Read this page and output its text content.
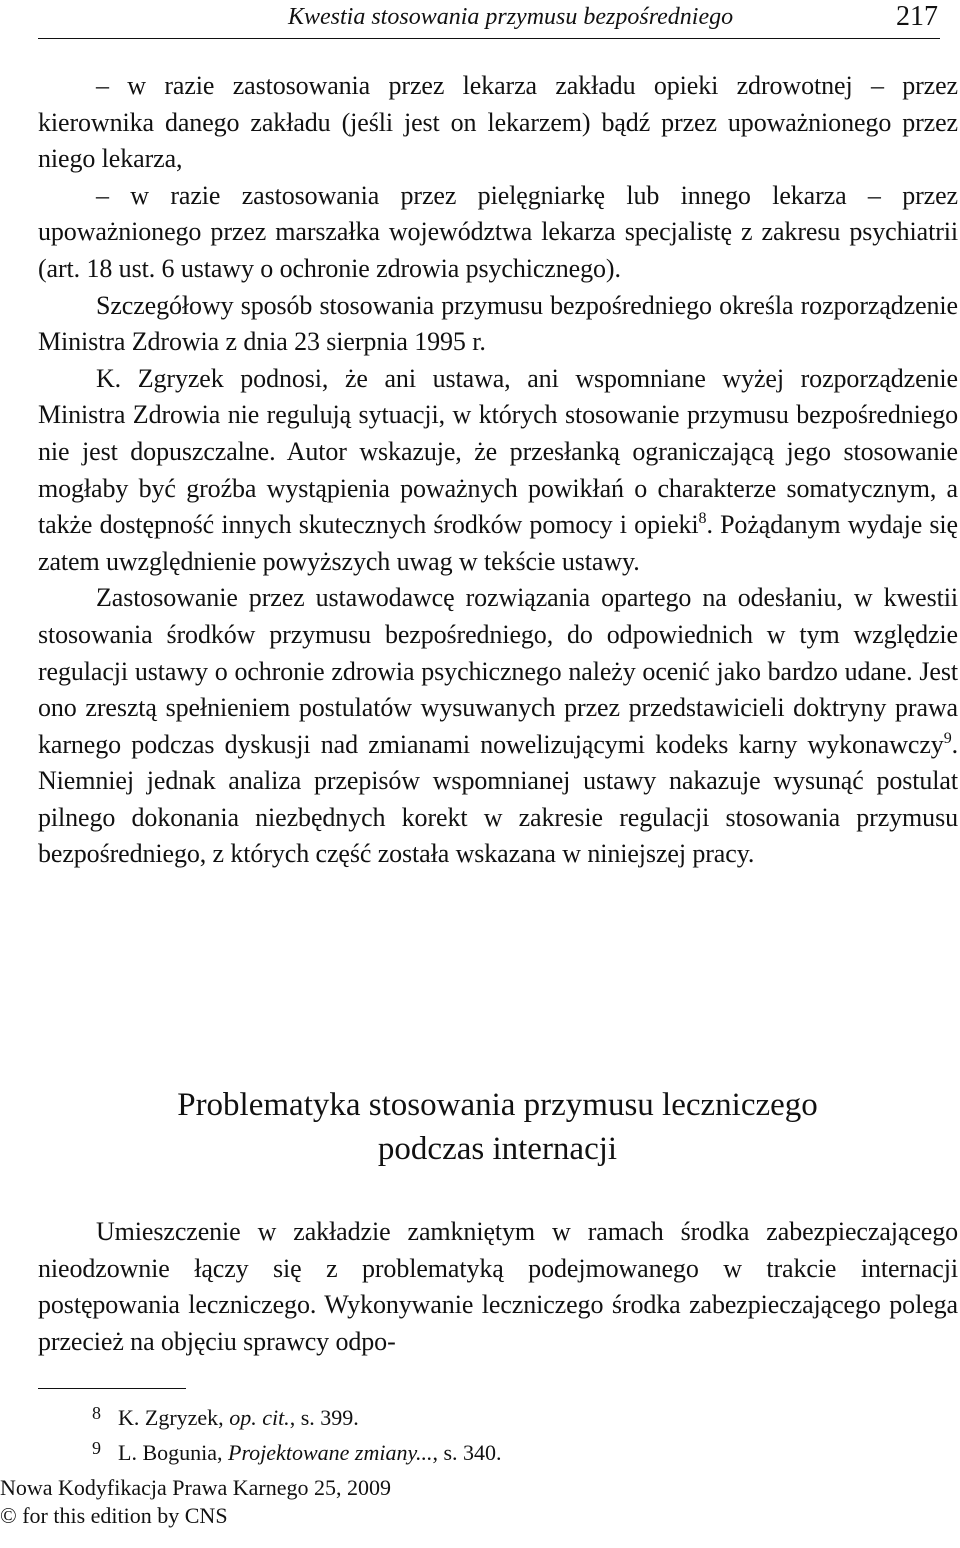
Kwestia stosowania przymusu bezpośredniego	217

– w razie zastosowania przez lekarza zakładu opieki zdrowotnej – przez kierownika danego zakładu (jeśli jest on lekarzem) bądź przez upoważnionego przez niego lekarza,

– w razie zastosowania przez pielęgniarkę lub innego lekarza – przez upoważnionego przez marszałka województwa lekarza specjalistę z zakresu psychiatrii (art. 18 ust. 6 ustawy o ochronie zdrowia psychicznego).

Szczegółowy sposób stosowania przymusu bezpośredniego określa rozporządzenie Ministra Zdrowia z dnia 23 sierpnia 1995 r.

K. Zgryzek podnosi, że ani ustawa, ani wspomniane wyżej rozporządzenie Ministra Zdrowia nie regulują sytuacji, w których stosowanie przymusu bezpośredniego nie jest dopuszczalne. Autor wskazuje, że przesłanką ograniczającą jego stosowanie mogłaby być groźba wystąpienia poważnych powikłań o charakterze somatycznym, a także dostępność innych skutecznych środków pomocy i opieki$^8$. Pożądanym wydaje się zatem uwzględnienie powyższych uwag w tekście ustawy.

Zastosowanie przez ustawodawcę rozwiązania opartego na odesłaniu, w kwestii stosowania środków przymusu bezpośredniego, do odpowiednich w tym względzie regulacji ustawy o ochronie zdrowia psychicznego należy ocenić jako bardzo udane. Jest ono zresztą spełnieniem postulatów wysuwanych przez przedstawicieli doktryny prawa karnego podczas dyskusji nad zmianami nowelizującymi kodeks karny wykonawczy$^9$. Niemniej jednak analiza przepisów wspomnianej ustawy nakazuje wysunąć postulat pilnego dokonania niezbędnych korekt w zakresie regulacji stosowania przymusu bezpośredniego, z których część została wskazana w niniejszej pracy.

Problematyka stosowania przymusu leczniczego
podczas internacji

Umieszczenie w zakładzie zamkniętym w ramach środka zabezpieczającego nieodzownie łączy się z problematyką podejmowanego w trakcie internacji postępowania leczniczego. Wykonywanie leczniczego środka zabezpieczającego polega przecież na objęciu sprawcy odpo-

8 K. Zgryzek, op. cit., s. 399.
9 L. Bogunia, Projektowane zmiany..., s. 340.
Nowa Kodyfikacja Prawa Karnego 25, 2009
© for this edition by CNS
